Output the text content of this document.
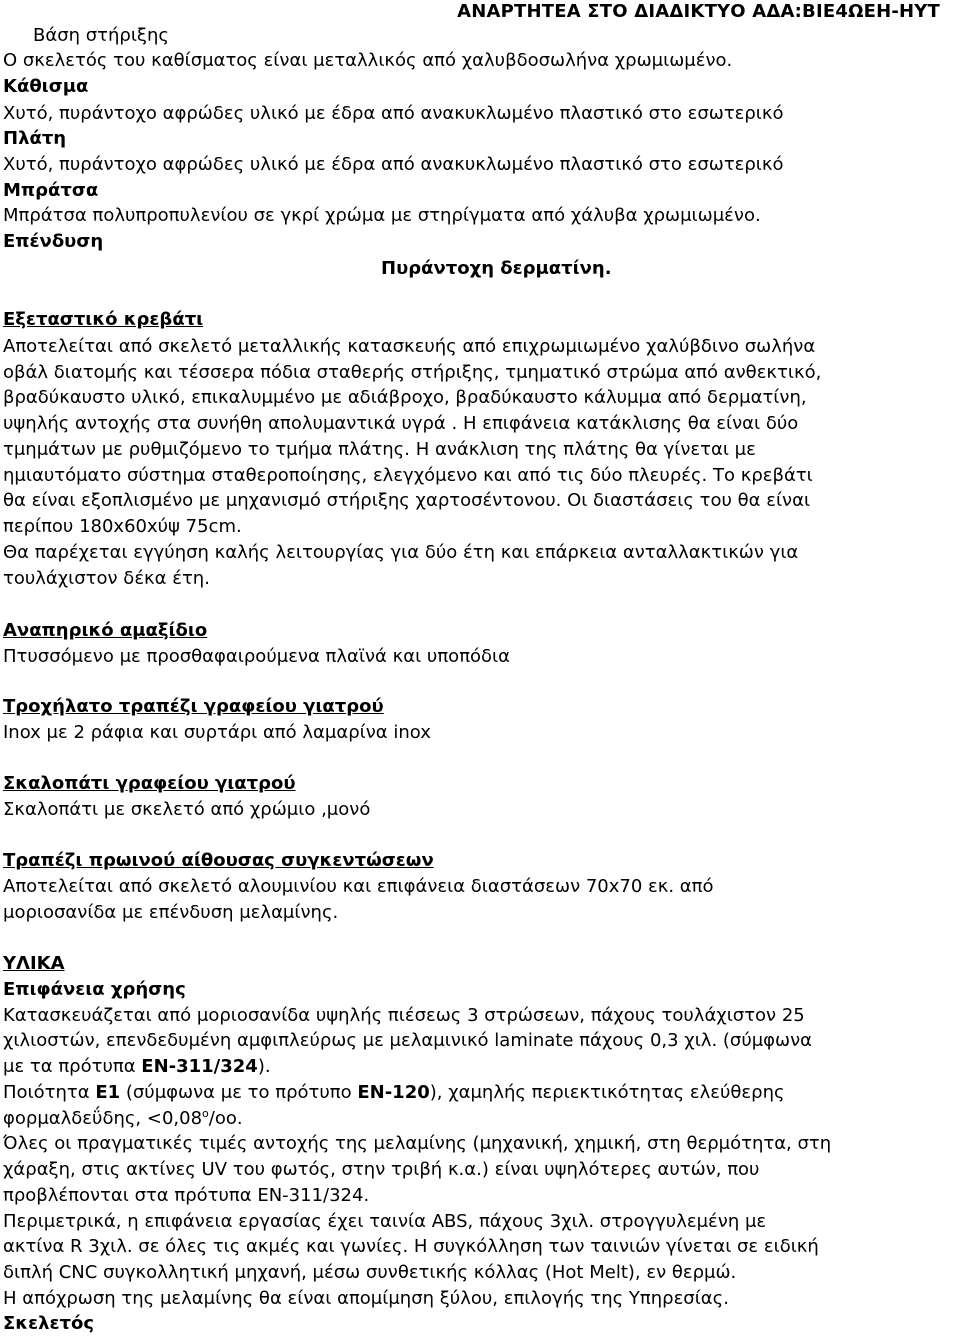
ΑΝΑΡΤΗΤΕΑ ΣΤΟ ΔΙΑΔΙΚΤΥΟ ΑΔΑ:ΒΙΕ4ΩΕΗ-ΗΥΤ
Βάση στήριξης
Ο σκελετός του καθίσματος είναι μεταλλικός από χαλυβδοσωλήνα χρωμιωμένο.
Κάθισμα
Χυτό, πυράντοχο αφρώδες υλικό με έδρα από ανακυκλωμένο πλαστικό στο εσωτερικό
Πλάτη
Χυτό, πυράντοχο αφρώδες υλικό με έδρα από ανακυκλωμένο πλαστικό στο εσωτερικό
Μπράτσα
Μπράτσα πολυπροπυλενίου σε γκρί χρώμα με στηρίγματα από χάλυβα χρωμιωμένο.
Επένδυση
Πυράντοχη δερματίνη.
Εξεταστικό κρεβάτι
Αποτελείται από σκελετό μεταλλικής κατασκευής από επιχρωμιωμένο χαλύβδινο σωλήνα
οβάλ διατομής και τέσσερα πόδια σταθερής στήριξης, τμηματικό στρώμα από ανθεκτικό,
βραδύκαυστο υλικό, επικαλυμμένο με αδιάβροχο, βραδύκαυστο κάλυμμα από δερματίνη,
υψηλής αντοχής στα συνήθη απολυμαντικά υγρά . Η επιφάνεια κατάκλισης θα είναι δύο
τμημάτων με ρυθμιζόμενο το τμήμα πλάτης. Η ανάκλιση της πλάτης θα γίνεται με
ημιαυτόματο σύστημα σταθεροποίησης, ελεγχόμενο και από τις δύο πλευρές. Το κρεβάτι
θα είναι εξοπλισμένο με μηχανισμό στήριξης χαρτοσέντονου. Οι διαστάσεις του θα είναι
περίπου 180x60xύψ 75cm.
Θα παρέχεται εγγύηση καλής λειτουργίας για δύο έτη και επάρκεια ανταλλακτικών για
τουλάχιστον δέκα έτη.
Αναπηρικό αμαξίδιο
Πτυσσόμενο με προσθαφαιρούμενα πλαϊνά και υποπόδια
Τροχήλατο τραπέζι γραφείου γιατρού
Inox με 2 ράφια και συρτάρι από λαμαρίνα inox
Σκαλοπάτι γραφείου γιατρού
Σκαλοπάτι με σκελετό από χρώμιο ,μονό
Τραπέζι πρωινού αίθουσας συγκεντώσεων
Αποτελείται από σκελετό αλουμινίου και επιφάνεια διαστάσεων 70x70 εκ. από
μοριοσανίδα με επένδυση μελαμίνης.
ΥΛΙΚΑ
Επιφάνεια χρήσης
Κατασκευάζεται από μοριοσανίδα υψηλής πιέσεως 3 στρώσεων, πάχους τουλάχιστον 25
χιλιοστών, επενδεδυμένη αμφιπλεύρως με μελαμινικό laminate πάχους 0,3 χιλ. (σύμφωνα
με τα πρότυπα EN-311/324).
Ποιότητα E1 (σύμφωνα με το πρότυπο EN-120), χαμηλής περιεκτικότητας ελεύθερης
φορμαλδεΰδης, $<0,08^o/oo$.
Όλες οι πραγματικές τιμές αντοχής της μελαμίνης (μηχανική, χημική, στη θερμότητα, στη
χάραξη, στις ακτίνες UV του φωτός, στην τριβή κ.α.) είναι υψηλότερες αυτών, που
προβλέπονται στα πρότυπα EN-311/324.
Περιμετρικά, η επιφάνεια εργασίας έχει ταινία ABS, πάχους 3χιλ. στρογγυλεμένη με
ακτίνα R 3χιλ. σε όλες τις ακμές και γωνίες. Η συγκόλληση των ταινιών γίνεται σε ειδική
διπλή CNC συγκολλητική μηχανή, μέσω συνθετικής κόλλας (Hot Melt), εν θερμώ.
Η απόχρωση της μελαμίνης θα είναι απομίμηση ξύλου, επιλογής της Υπηρεσίας.
Σκελετός
